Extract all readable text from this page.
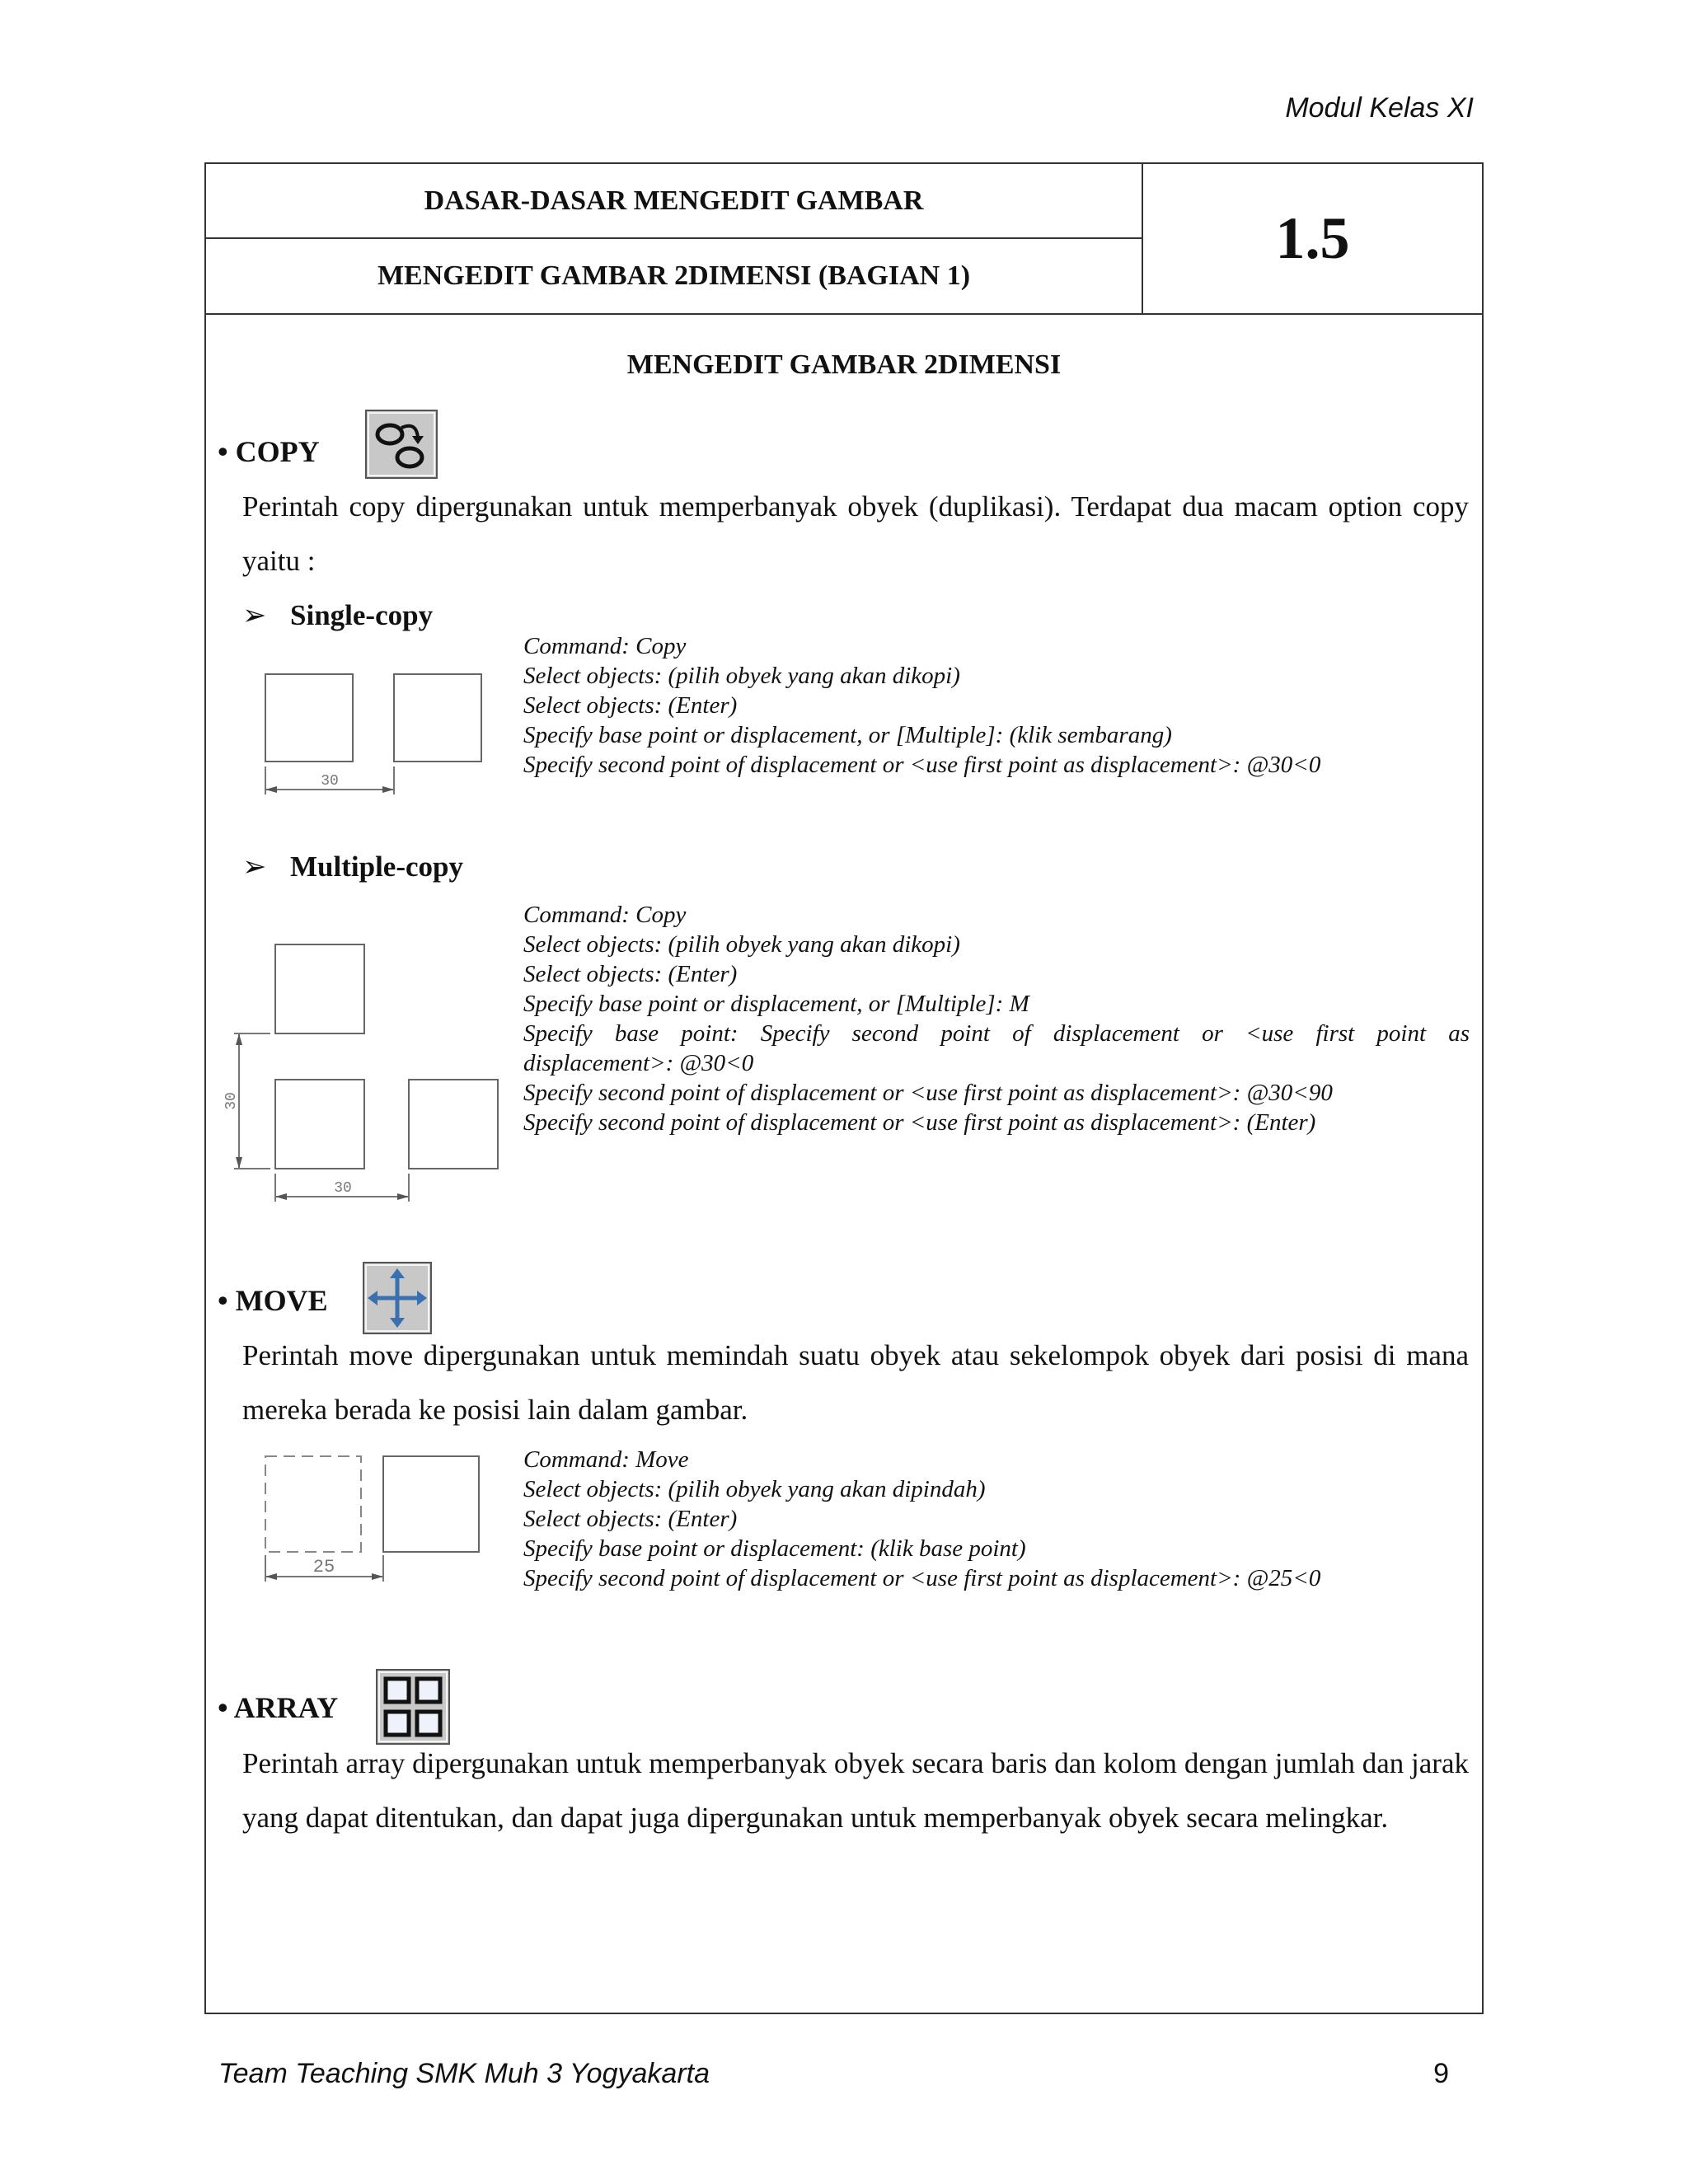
Modul Kelas XI
DASAR-DASAR MENGEDIT GAMBAR
MENGEDIT GAMBAR 2DIMENSI (BAGIAN 1)
1.5
MENGEDIT GAMBAR 2DIMENSI
• COPY
Perintah copy dipergunakan untuk memperbanyak obyek (duplikasi). Terdapat dua macam option copy yaitu :
➢ Single-copy
30
Command: Copy
Select objects: (pilih obyek yang akan dikopi)
Select objects: (Enter)
Specify base point or displacement, or [Multiple]: (klik sembarang)
Specify second point of displacement or <use first point as displacement>: @30<0
➢ Multiple-copy
30
30
Command: Copy
Select objects: (pilih obyek yang akan dikopi)
Select objects: (Enter)
Specify base point or displacement, or [Multiple]: M
Specify base point: Specify second point of displacement or <use first point as
displacement>: @30<0
Specify second point of displacement or <use first point as displacement>: @30<90
Specify second point of displacement or <use first point as displacement>: (Enter)
• MOVE
Perintah move dipergunakan untuk memindah suatu obyek atau sekelompok obyek dari posisi di mana mereka berada ke posisi lain dalam gambar.
25
Command: Move
Select objects: (pilih obyek yang akan dipindah)
Select objects: (Enter)
Specify base point or displacement: (klik base point)
Specify second point of displacement or <use first point as displacement>: @25<0
• ARRAY
Perintah array dipergunakan untuk memperbanyak obyek secara baris dan kolom dengan jumlah dan jarak yang dapat ditentukan, dan dapat juga dipergunakan untuk memperbanyak obyek secara melingkar.
Team Teaching SMK Muh 3 Yogyakarta	9
